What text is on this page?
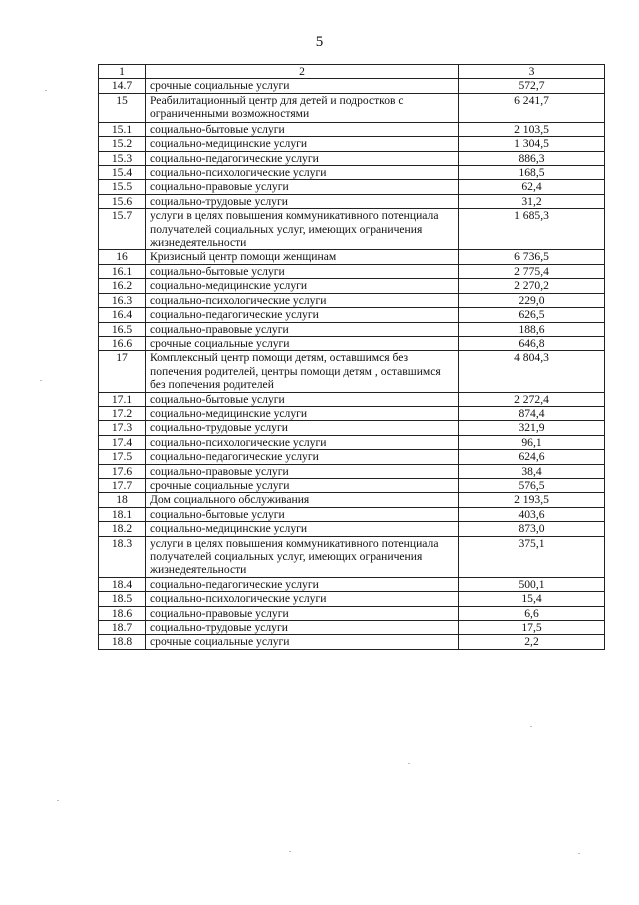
5
1	2	3
14.7	срочные социальные услуги	572,7
15	Реабилитационный центр для детей и подростков с ограниченными возможностями	6 241,7
15.1	социально-бытовые услуги	2 103,5
15.2	социально-медицинские услуги	1 304,5
15.3	социально-педагогические услуги	886,3
15.4	социально-психологические услуги	168,5
15.5	социально-правовые услуги	62,4
15.6	социально-трудовые услуги	31,2
15.7	услуги в целях повышения коммуникативного потенциала получателей социальных услуг, имеющих ограничения жизнедеятельности	1 685,3
16	Кризисный центр помощи женщинам	6 736,5
16.1	социально-бытовые услуги	2 775,4
16.2	социально-медицинские услуги	2 270,2
16.3	социально-психологические услуги	229,0
16.4	социально-педагогические услуги	626,5
16.5	социально-правовые услуги	188,6
16.6	срочные социальные услуги	646,8
17	Комплексный центр помощи детям, оставшимся без попечения родителей, центры помощи детям , оставшимся без попечения родителей	4 804,3
17.1	социально-бытовые услуги	2 272,4
17.2	социально-медицинские услуги	874,4
17.3	социально-трудовые услуги	321,9
17.4	социально-психологические услуги	96,1
17.5	социально-педагогические услуги	624,6
17.6	социально-правовые услуги	38,4
17.7	срочные социальные услуги	576,5
18	Дом социального обслуживания	2 193,5
18.1	социально-бытовые услуги	403,6
18.2	социально-медицинские услуги	873,0
18.3	услуги в целях повышения коммуникативного потенциала получателей социальных услуг, имеющих ограничения жизнедеятельности	375,1
18.4	социально-педагогические услуги	500,1
18.5	социально-психологические услуги	15,4
18.6	социально-правовые услуги	6,6
18.7	социально-трудовые услуги	17,5
18.8	срочные социальные услуги	2,2
